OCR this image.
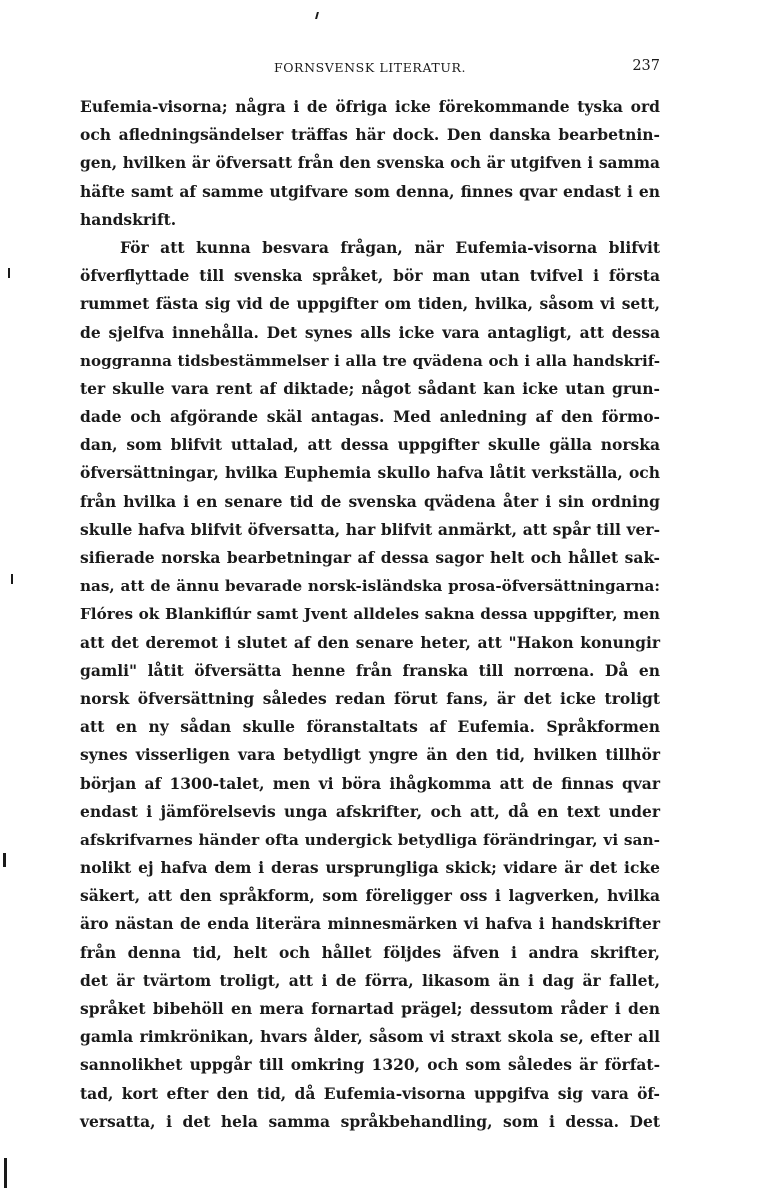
FORNSVENSK LITERATUR.	237
Eufemia-visorna; några i de öfriga icke förekommande tyska ord
och afledningsändelser träffas här dock. Den danska bearbetnin-
gen, hvilken är öfversatt från den svenska och är utgifven i samma
häfte samt af samme utgifvare som denna, finnes qvar endast i en
handskrift.
För att kunna besvara frågan, när Eufemia-visorna blifvit
öfverflyttade till svenska språket, bör man utan tvifvel i första
rummet fästa sig vid de uppgifter om tiden, hvilka, såsom vi sett,
de sjelfva innehålla. Det synes alls icke vara antagligt, att dessa
noggranna tidsbestämmelser i alla tre qvädena och i alla handskrif-
ter skulle vara rent af diktade; något sådant kan icke utan grun-
dade och afgörande skäl antagas. Med anledning af den förmo-
dan, som blifvit uttalad, att dessa uppgifter skulle gälla norska
öfversättningar, hvilka Euphemia skullo hafva låtit verkställa, och
från hvilka i en senare tid de svenska qvädena åter i sin ordning
skulle hafva blifvit öfversatta, har blifvit anmärkt, att spår till ver-
sifierade norska bearbetningar af dessa sagor helt och hållet sak-
nas, att de ännu bevarade norsk-isländska prosa-öfversättningarna:
Flóres ok Blankiflúr samt Jvent alldeles sakna dessa uppgifter, men
att det deremot i slutet af den senare heter, att "Hakon konungir
gamli" låtit öfversätta henne från franska till norrœna. Då en
norsk öfversättning således redan förut fans, är det icke troligt
att en ny sådan skulle föranstaltats af Eufemia. Språkformen
synes visserligen vara betydligt yngre än den tid, hvilken tillhör
början af 1300-talet, men vi böra ihågkomma att de finnas qvar
endast i jämförelsevis unga afskrifter, och att, då en text under
afskrifvarnes händer ofta undergick betydliga förändringar, vi san-
nolikt ej hafva dem i deras ursprungliga skick; vidare är det icke
säkert, att den språkform, som föreligger oss i lagverken, hvilka
äro nästan de enda literära minnesmärken vi hafva i handskrifter
från denna tid, helt och hållet följdes äfven i andra skrifter,
det är tvärtom troligt, att i de förra, likasom än i dag är fallet,
språket bibehöll en mera fornartad prägel; dessutom råder i den
gamla rimkrönikan, hvars ålder, såsom vi straxt skola se, efter all
sannolikhet uppgår till omkring 1320, och som således är förfat-
tad, kort efter den tid, då Eufemia-visorna uppgifva sig vara öf-
versatta, i det hela samma språkbehandling, som i dessa. Det
